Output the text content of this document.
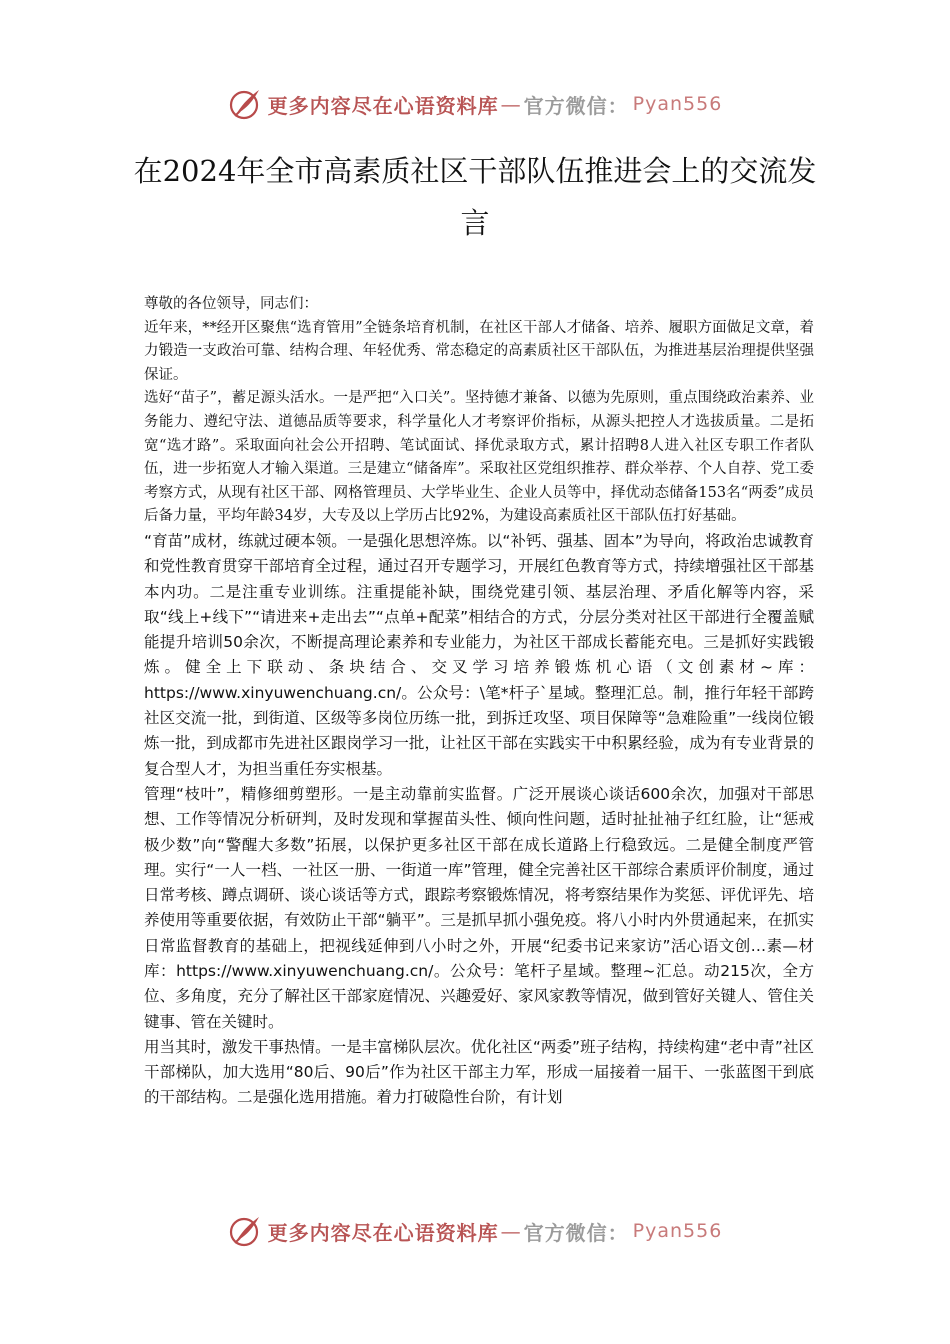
更多内容尽在心语资料库 — 官方微信： Pyan556
在2024年全市高素质社区干部队伍推进会上的交流发言

尊敬的各位领导，同志们：

近年来，**经开区聚焦“选育管用”全链条培育机制，在社区干部人才储备、培养、履职方面做足文章，着力锻造一支政治可靠、结构合理、年轻优秀、常态稳定的高素质社区干部队伍，为推进基层治理提供坚强保证。

选好“苗子”，蓄足源头活水。一是严把“入口关”。坚持德才兼备、以德为先原则，重点围绕政治素养、业务能力、遵纪守法、道德品质等要求，科学量化人才考察评价指标，从源头把控人才选拔质量。二是拓宽“选才路”。采取面向社会公开招聘、笔试面试、择优录取方式，累计招聘8人进入社区专职工作者队伍，进一步拓宽人才输入渠道。三是建立“储备库”。采取社区党组织推荐、群众举荐、个人自荐、党工委考察方式，从现有社区干部、网格管理员、大学毕业生、企业人员等中，择优动态储备153名“两委”成员后备力量，平均年龄34岁，大专及以上学历占比92%，为建设高素质社区干部队伍打好基础。

“育苗”成材，练就过硬本领。一是强化思想淬炼。以“补钙、强基、固本”为导向，将政治忠诚教育和党性教育贯穿干部培育全过程，通过召开专题学习，开展红色教育等方式，持续增强社区干部基本内功。二是注重专业训练。注重提能补缺，围绕党建引领、基层治理、矛盾化解等内容，采取“线上+线下”“请进来+走出去”“点单+配菜”相结合的方式，分层分类对社区干部进行全覆盖赋能提升培训50余次，不断提高理论素养和专业能力，为社区干部成长蓄能充电。三是抓好实践锻炼。健全上下联动、条块结合、交叉学习培养锻炼机心语（文创素材~库：https://www.xinyuwenchuang.cn/。公众号：\笔*杆子`星域。整理汇总。制，推行年轻干部跨社区交流一批，到街道、区级等多岗位历练一批，到拆迁攻坚、项目保障等“急难险重”一线岗位锻炼一批，到成都市先进社区跟岗学习一批，让社区干部在实践实干中积累经验，成为有专业背景的复合型人才，为担当重任夯实根基。

管理“枝叶”，精修细剪塑形。一是主动靠前实监督。广泛开展谈心谈话600余次，加强对干部思想、工作等情况分析研判，及时发现和掌握苗头性、倾向性问题，适时扯扯袖子红红脸，让“惩戒极少数”向“警醒大多数”拓展，以保护更多社区干部在成长道路上行稳致远。二是健全制度严管理。实行“一人一档、一社区一册、一街道一库”管理，健全完善社区干部综合素质评价制度，通过日常考核、蹲点调研、谈心谈话等方式，跟踪考察锻炼情况，将考察结果作为奖惩、评优评先、培养使用等重要依据，有效防止干部“躺平”。三是抓早抓小强免疫。将八小时内外贯通起来，在抓实日常监督教育的基础上，把视线延伸到八小时之外，开展“纪委书记来家访”活心语文创…素—材库：https://www.xinyuwenchuang.cn/。公众号：笔杆子星域。整理~汇总。动215次，全方位、多角度，充分了解社区干部家庭情况、兴趣爱好、家风家教等情况，做到管好关键人、管住关键事、管在关键时。

用当其时，激发干事热情。一是丰富梯队层次。优化社区“两委”班子结构，持续构建“老中青”社区干部梯队，加大选用“80后、90后”作为社区干部主力军，形成一届接着一届干、一张蓝图干到底的干部结构。二是强化选用措施。着力打破隐性台阶，有计划

更多内容尽在心语资料库 — 官方微信： Pyan556
